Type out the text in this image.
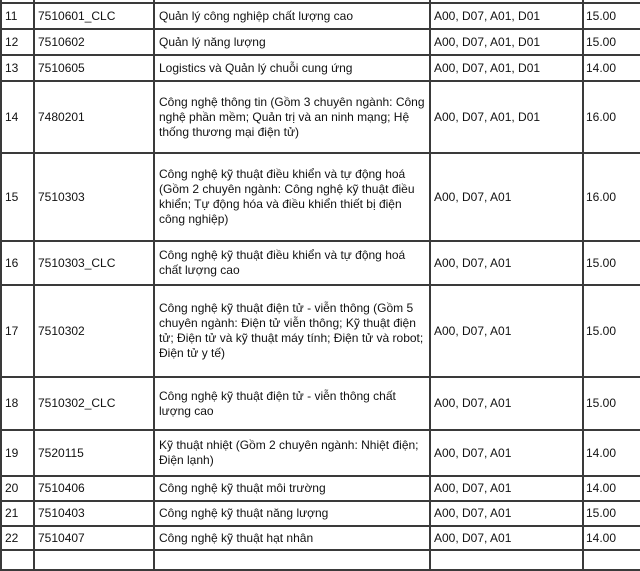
11	7510601_CLC	Quản lý công nghiệp chất lượng cao	A00, D07, A01, D01	15.00
12	7510602	Quản lý năng lượng	A00, D07, A01, D01	15.00
13	7510605	Logistics và Quản lý chuỗi cung ứng	A00, D07, A01, D01	14.00
14	7480201	Công nghệ thông tin (Gồm 3 chuyên ngành: Công nghệ phần mềm; Quản trị và an ninh mạng; Hệ thống thương mại điện tử)	A00, D07, A01, D01	16.00
15	7510303	Công nghệ kỹ thuật điều khiển và tự động hoá (Gồm 2 chuyên ngành: Công nghệ kỹ thuật điều khiển; Tự động hóa và điều khiển thiết bị điện công nghiệp)	A00, D07, A01	16.00
16	7510303_CLC	Công nghệ kỹ thuật điều khiển và tự động hoá chất lượng cao	A00, D07, A01	15.00
17	7510302	Công nghệ kỹ thuật điện tử - viễn thông (Gồm 5 chuyên ngành: Điện tử viễn thông; Kỹ thuật điện tử; Điện tử và kỹ thuật máy tính; Điện tử và robot; Điện tử y tế)	A00, D07, A01	15.00
18	7510302_CLC	Công nghệ kỹ thuật điện tử - viễn thông chất lượng cao	A00, D07, A01	15.00
19	7520115	Kỹ thuật nhiệt (Gồm 2 chuyên ngành: Nhiệt điện; Điện lạnh)	A00, D07, A01	14.00
20	7510406	Công nghệ kỹ thuật môi trường	A00, D07, A01	14.00
21	7510403	Công nghệ kỹ thuật năng lượng	A00, D07, A01	15.00
22	7510407	Công nghệ kỹ thuật hạt nhân	A00, D07, A01	14.00
